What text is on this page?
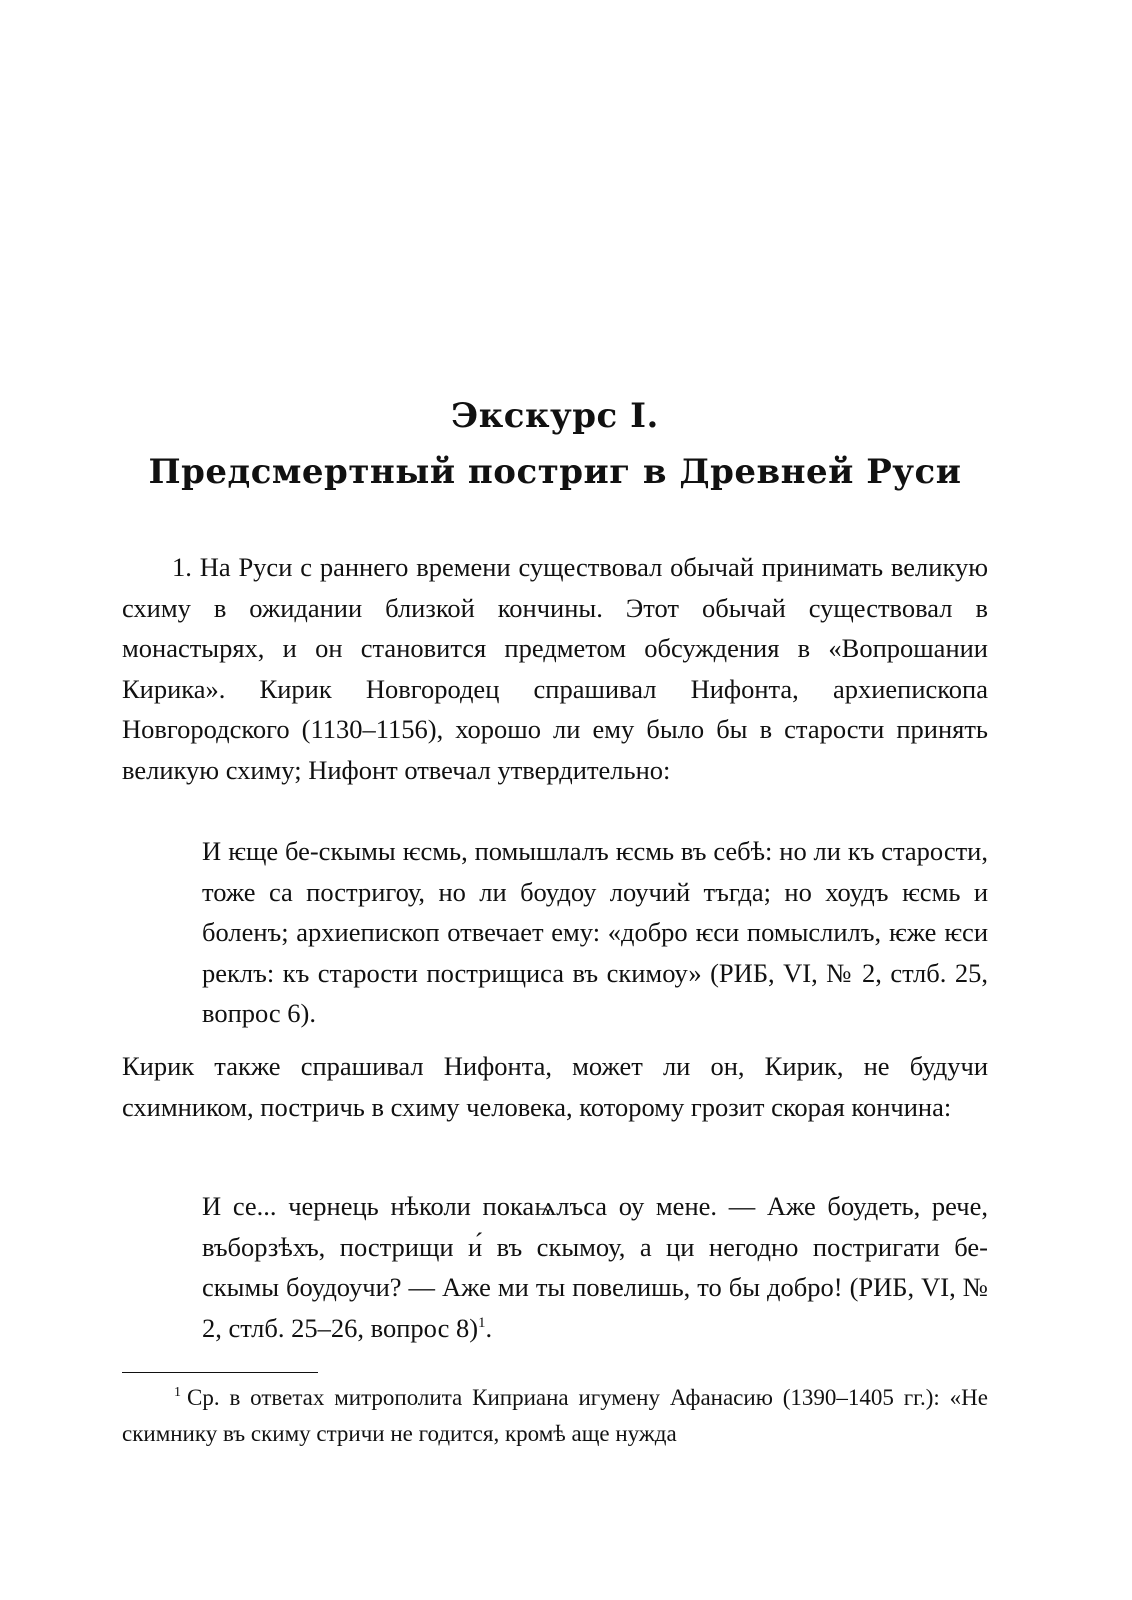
Экскурс I.
Предсмертный постриг в Древней Руси

1. На Руси с раннего времени существовал обычай принимать великую схиму в ожидании близкой кончины. Этот обычай существовал в монастырях, и он становится предметом обсуждения в «Вопрошании Кирика». Кирик Новгородец спрашивал Нифонта, архиепископа Новгородского (1130–1156), хорошо ли ему было бы в старости принять великую схиму; Нифонт отвечал утвердительно:

И ѥще бе-скымы ѥсмь, помышлалъ ѥсмь въ себѣ: но ли къ старости, тоже са постригоу, но ли боудоу лоучий тъгда; но хоудъ ѥсмь и боленъ; архиепископ отвечает ему: «добро ѥси помыслилъ, ѥже ѥси реклъ: къ старости пострищиса въ скимоу» (РИБ, VI, № 2, стлб. 25, вопрос 6).

Кирик также спрашивал Нифонта, может ли он, Кирик, не будучи схимником, постричь в схиму человека, которому грозит скорая кончина:

И се... чернець нѣколи покаѩлъса оу мене. — Аже боудеть, рече, въборзѣхъ, пострищи и́ въ скымоу, а ци негодно постригати бе-скымы боудоучи? — Аже ми ты повелишь, то бы добро! (РИБ, VI, № 2, стлб. 25–26, вопрос 8)$^1$.

$^1$ Ср. в ответах митрополита Киприана игумену Афанасию (1390–1405 гг.): «Не скимнику въ скиму стричи не годится, кромѣ аще нужда
